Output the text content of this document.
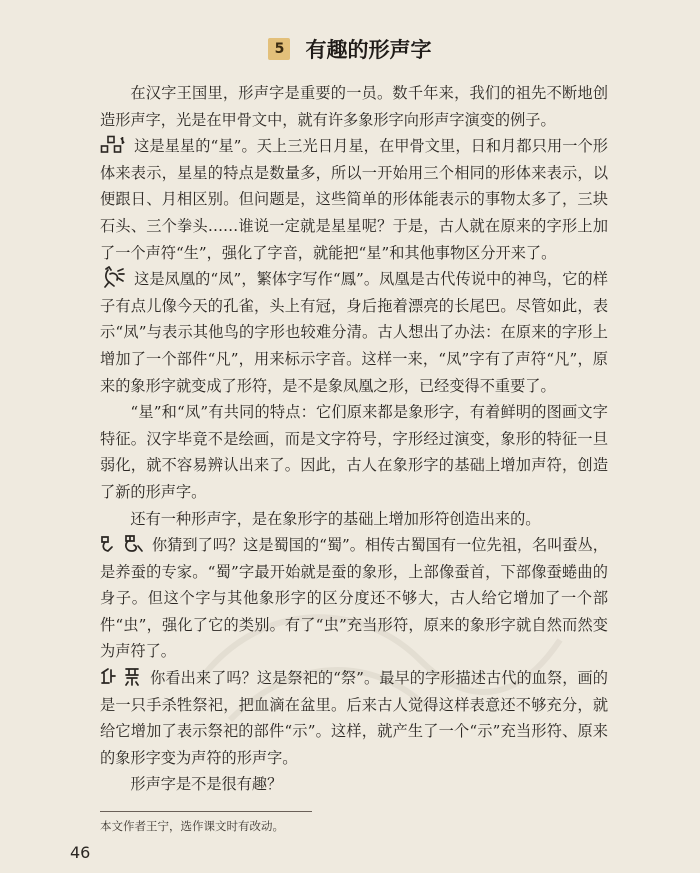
5 有趣的形声字

在汉字王国里，形声字是重要的一员。数千年来，我们的祖先不断地创造形声字，光是在甲骨文中，就有许多象形字向形声字演变的例子。

这是星星的“星”。天上三光日月星，在甲骨文里，日和月都只用一个形体来表示，星星的特点是数量多，所以一开始用三个相同的形体来表示，以便跟日、月相区别。但问题是，这些简单的形体能表示的事物太多了，三块石头、三个拳头……谁说一定就是星星呢？于是，古人就在原来的字形上加了一个声符“生”，强化了字音，就能把“星”和其他事物区分开来了。

这是凤凰的“凤”，繁体字写作“鳳”。凤凰是古代传说中的神鸟，它的样子有点儿像今天的孔雀，头上有冠，身后拖着漂亮的长尾巴。尽管如此，表示“凤”与表示其他鸟的字形也较难分清。古人想出了办法：在原来的字形上增加了一个部件“凡”，用来标示字音。这样一来，“凤”字有了声符“凡”，原来的象形字就变成了形符，是不是象凤凰之形，已经变得不重要了。

“星”和“凤”有共同的特点：它们原来都是象形字，有着鲜明的图画文字特征。汉字毕竟不是绘画，而是文字符号，字形经过演变，象形的特征一旦弱化，就不容易辨认出来了。因此，古人在象形字的基础上增加声符，创造了新的形声字。

还有一种形声字，是在象形字的基础上增加形符创造出来的。

你猜到了吗？这是蜀国的“蜀”。相传古蜀国有一位先祖，名叫蚕丛，是养蚕的专家。“蜀”字最开始就是蚕的象形，上部像蚕首，下部像蚕蜷曲的身子。但这个字与其他象形字的区分度还不够大，古人给它增加了一个部件“虫”，强化了它的类别。有了“虫”充当形符，原来的象形字就自然而然变为声符了。

你看出来了吗？这是祭祀的“祭”。最早的字形描述古代的血祭，画的是一只手杀牲祭祀，把血滴在盆里。后来古人觉得这样表意还不够充分，就给它增加了表示祭祀的部件“示”。这样，就产生了一个“示”充当形符、原来的象形字变为声符的形声字。

形声字是不是很有趣？

本文作者王宁，选作课文时有改动。
46
